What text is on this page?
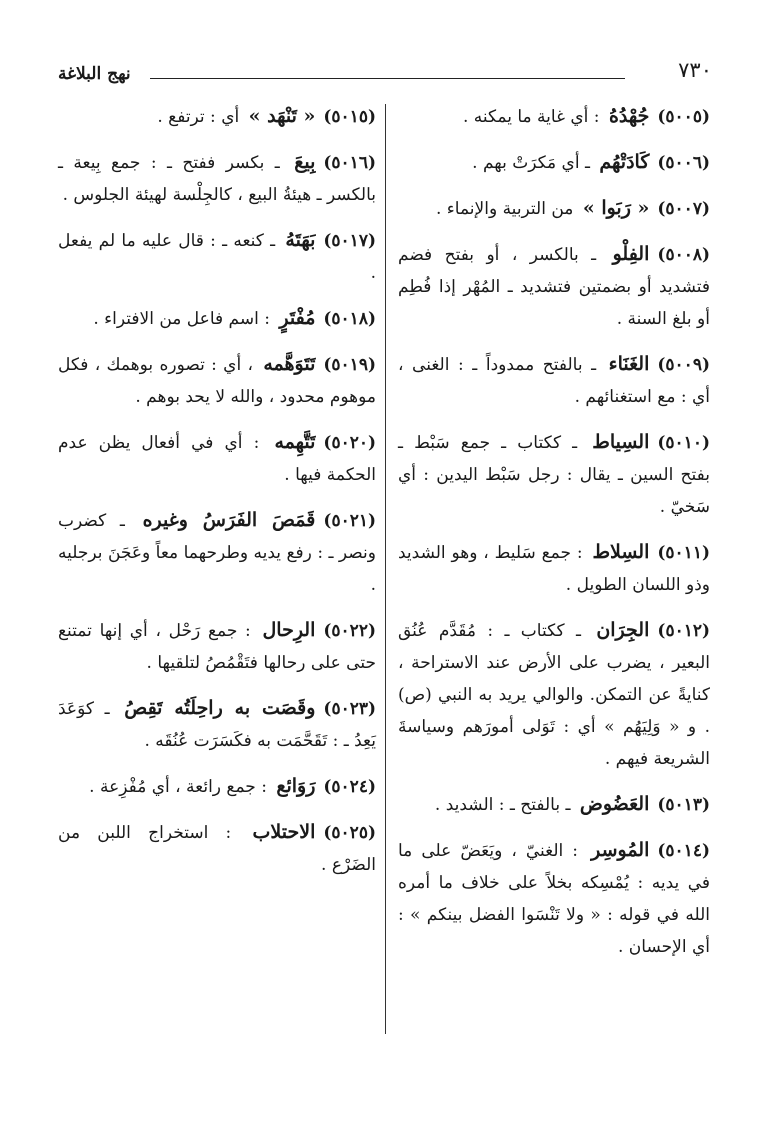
٧٣٠
نهج البلاغة
(٥٠٠٥)جُهْدُهُ : أي غاية ما يمكنه .
(٥٠٠٦)كَادَتْهُم ـ أي مَكرَتْ بهم .
(٥٠٠٧)« رَبَوا » من التربية والإنماء .
(٥٠٠٨)الفِلْو ـ بالكسر ، أو بفتح فضم فتشديد أو بضمتين فتشديد ـ المُهْر إذا فُطِم أو بلغ السنة .
(٥٠٠٩)الغَنَاء ـ بالفتح ممدوداً ـ : الغنى ، أي : مع استغنائهم .
(٥٠١٠)السِياط ـ ككتاب ـ جمع سَبْط ـ بفتح السين ـ يقال : رجل سَبْط اليدين : أي سَخيّ .
(٥٠١١)السِلاط : جمع سَليط ، وهو الشديد وذو اللسان الطويل .
(٥٠١٢)الجِرَان ـ ككتاب ـ : مُقَدَّم عُنُق البعير ، يضرب على الأرض عند الاستراحة ، كنايةً عن التمكن. والوالي يريد به النبي (ص) . و « وَلِيَهُم » أي : تَوَلى أمورَهم وسياسةَ الشريعة فيهم .
(٥٠١٣)العَضُوض ـ بالفتح ـ : الشديد .
(٥٠١٤)المُوسِر : الغنيّ ، ويَعَضّ على ما في يديه : يُمْسِكه بخلاً على خلاف ما أمره الله في قوله : « ولا تَنْسَوا الفضل بينكم » : أي الإحسان .
(٥٠١٥)« تَنْهَد » أي : ترتفع .
(٥٠١٦)بِيعَ ـ بكسر ففتح ـ : جمع بِيعة ـ بالكسر ـ هيئةُ البيع ، كالجِلْسة لهيئة الجلوس .
(٥٠١٧)بَهَتَهُ ـ كنعه ـ : قال عليه ما لم يفعل .
(٥٠١٨)مُفْتَرٍ : اسم فاعل من الافتراء .
(٥٠١٩)تَتَوَهَّمه ، أي : تصوره بوهمك ، فكل موهوم محدود ، والله لا يحد بوهم .
(٥٠٢٠)تَتَّهِمه : أي في أفعال يظن عدم الحكمة فيها .
(٥٠٢١)قَمَصَ الفَرَسُ وغيره ـ كضرب ونصر ـ : رفع يديه وطرحهما معاً وعَجَنَ برجليه .
(٥٠٢٢)الرِحال : جمع رَحْل ، أي إنها تمتنع حتى على رحالها فتَقْمُصُ لتلقيها .
(٥٠٢٣)وقَصَت به راحِلَتُه تَقِصُ ـ كوَعَدَ يَعِدُ ـ : تَقَحَّمَت به فكَسَرَت عُنُقَه .
(٥٠٢٤)رَوَائع : جمع رائعة ، أي مُفْزِعة .
(٥٠٢٥)الاحتلاب : استخراج اللبن من الضَرْع .
